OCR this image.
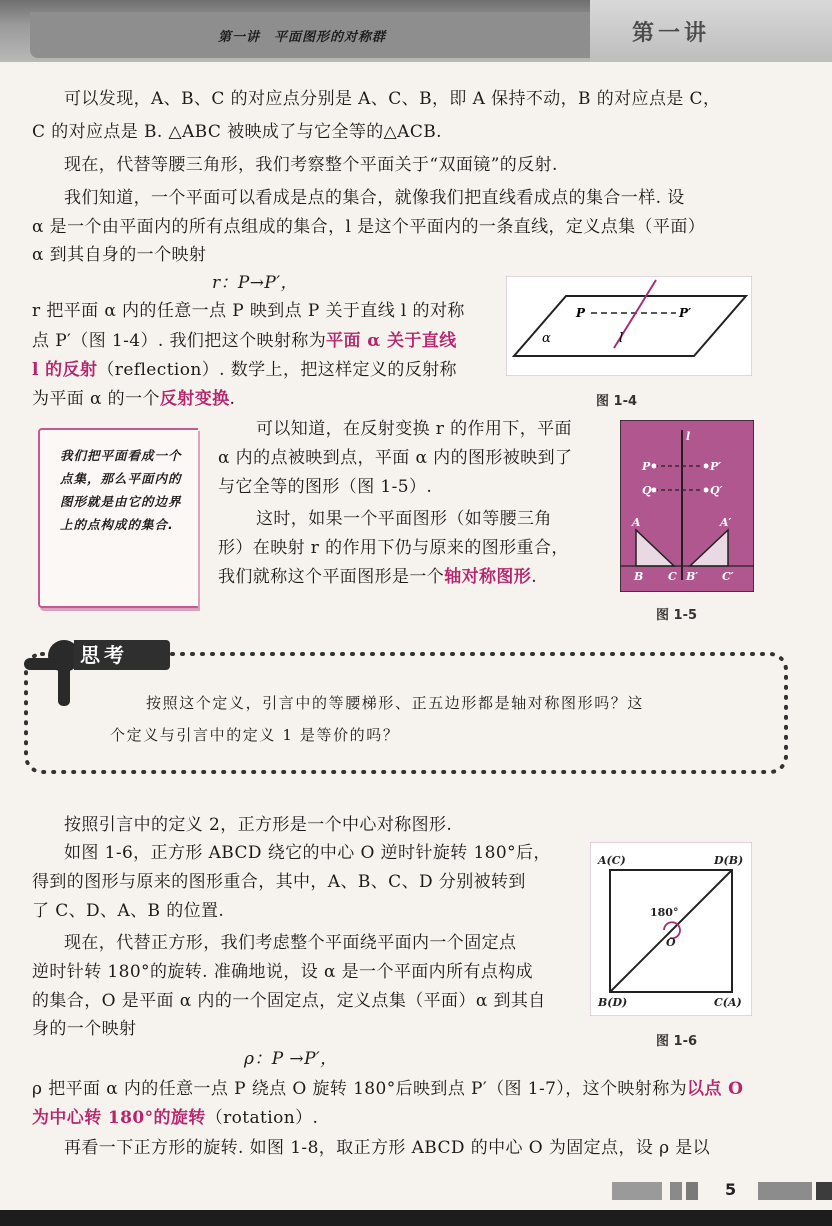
第一讲　平面图形的对称群	第一讲
可以发现，A、B、C 的对应点分别是 A、C、B，即 A 保持不动，B 的对应点是 C，
C 的对应点是 B. △ABC 被映成了与它全等的△ACB.
现在，代替等腰三角形，我们考察整个平面关于“双面镜”的反射.
我们知道，一个平面可以看成是点的集合，就像我们把直线看成点的集合一样. 设
α 是一个由平面内的所有点组成的集合，l 是这个平面内的一条直线，定义点集（平面）
α 到其自身的一个映射
r：P→P′，
r 把平面 α 内的任意一点 P 映到点 P 关于直线 l 的对称
点 P′（图 1-4）. 我们把这个映射称为平面 α 关于直线
l 的反射（reflection）. 数学上，把这样定义的反射称
为平面 α 的一个反射变换.
P	P′
α	l
图 1-4
我们把平面看成一个点集，那么平面内的图形就是由它的边界上的点构成的集合.
可以知道，在反射变换 r 的作用下，平面
α 内的点被映到点，平面 α 内的图形被映到了
与它全等的图形（图 1-5）.
这时，如果一个平面图形（如等腰三角
形）在映射 r 的作用下仍与原来的图形重合，
我们就称这个平面图形是一个轴对称图形.
l
P	P′
Q	Q′
A	A′
B C B′ C′
图 1-5
思考
按照这个定义，引言中的等腰梯形、正五边形都是轴对称图形吗？这
个定义与引言中的定义 1 是等价的吗？
按照引言中的定义 2，正方形是一个中心对称图形.
如图 1-6，正方形 ABCD 绕它的中心 O 逆时针旋转 180°后，
得到的图形与原来的图形重合，其中，A、B、C、D 分别被转到
了 C、D、A、B 的位置.
现在，代替正方形，我们考虑整个平面绕平面内一个固定点
逆时针转 180°的旋转. 准确地说，设 α 是一个平面内所有点构成
的集合，O 是平面 α 内的一个固定点，定义点集（平面）α 到其自
身的一个映射
A(C)	D(B)
B(D)	C(A)
180°
O
图 1-6
ρ：P →P′，
ρ 把平面 α 内的任意一点 P 绕点 O 旋转 180°后映到点 P′（图 1-7），这个映射称为以点 O
为中心转 180°的旋转（rotation）.
再看一下正方形的旋转. 如图 1-8，取正方形 ABCD 的中心 O 为固定点，设 ρ 是以
5
